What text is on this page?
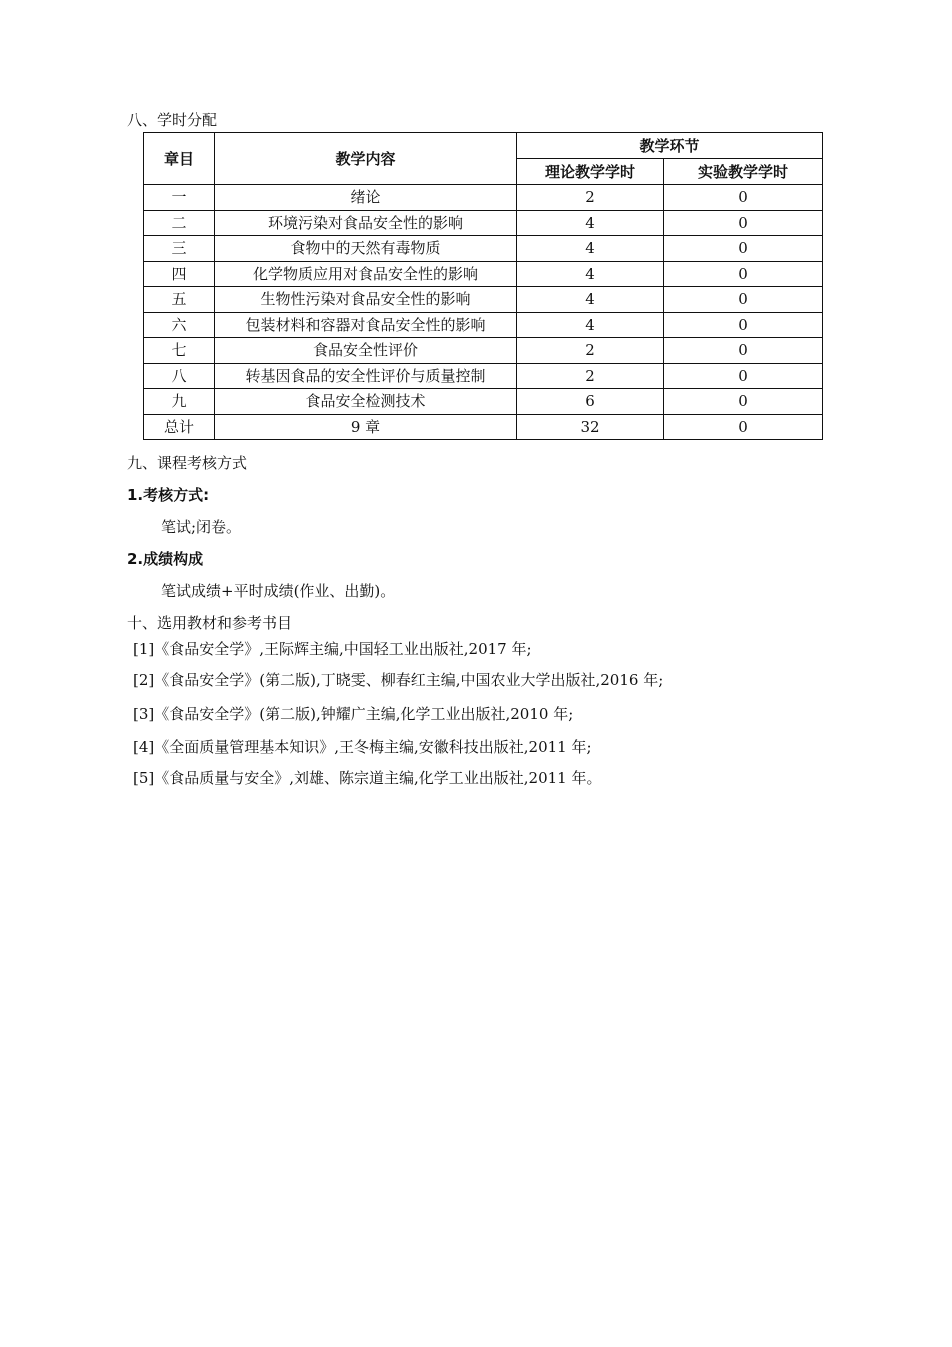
八、学时分配
章目	教学内容	教学环节	
		理论教学学时	实验教学学时
一	绪论	2	0
二	环境污染对食品安全性的影响	4	0
三	食物中的天然有毒物质	4	0
四	化学物质应用对食品安全性的影响	4	0
五	生物性污染对食品安全性的影响	4	0
六	包装材料和容器对食品安全性的影响	4	0
七	食品安全性评价	2	0
八	转基因食品的安全性评价与质量控制	2	0
九	食品安全检测技术	6	0
总计	9 章	32	0
九、课程考核方式
1.考核方式:
笔试;闭卷。
2.成绩构成
笔试成绩+平时成绩(作业、出勤)。
十、选用教材和参考书目
[1]《食品安全学》,王际辉主编,中国轻工业出版社,2017 年;
[2]《食品安全学》(第二版),丁晓雯、柳春红主编,中国农业大学出版社,2016 年;
[3]《食品安全学》(第二版),钟耀广主编,化学工业出版社,2010 年;
[4]《全面质量管理基本知识》,王冬梅主编,安徽科技出版社,2011 年;
[5]《食品质量与安全》,刘雄、陈宗道主编,化学工业出版社,2011 年。
